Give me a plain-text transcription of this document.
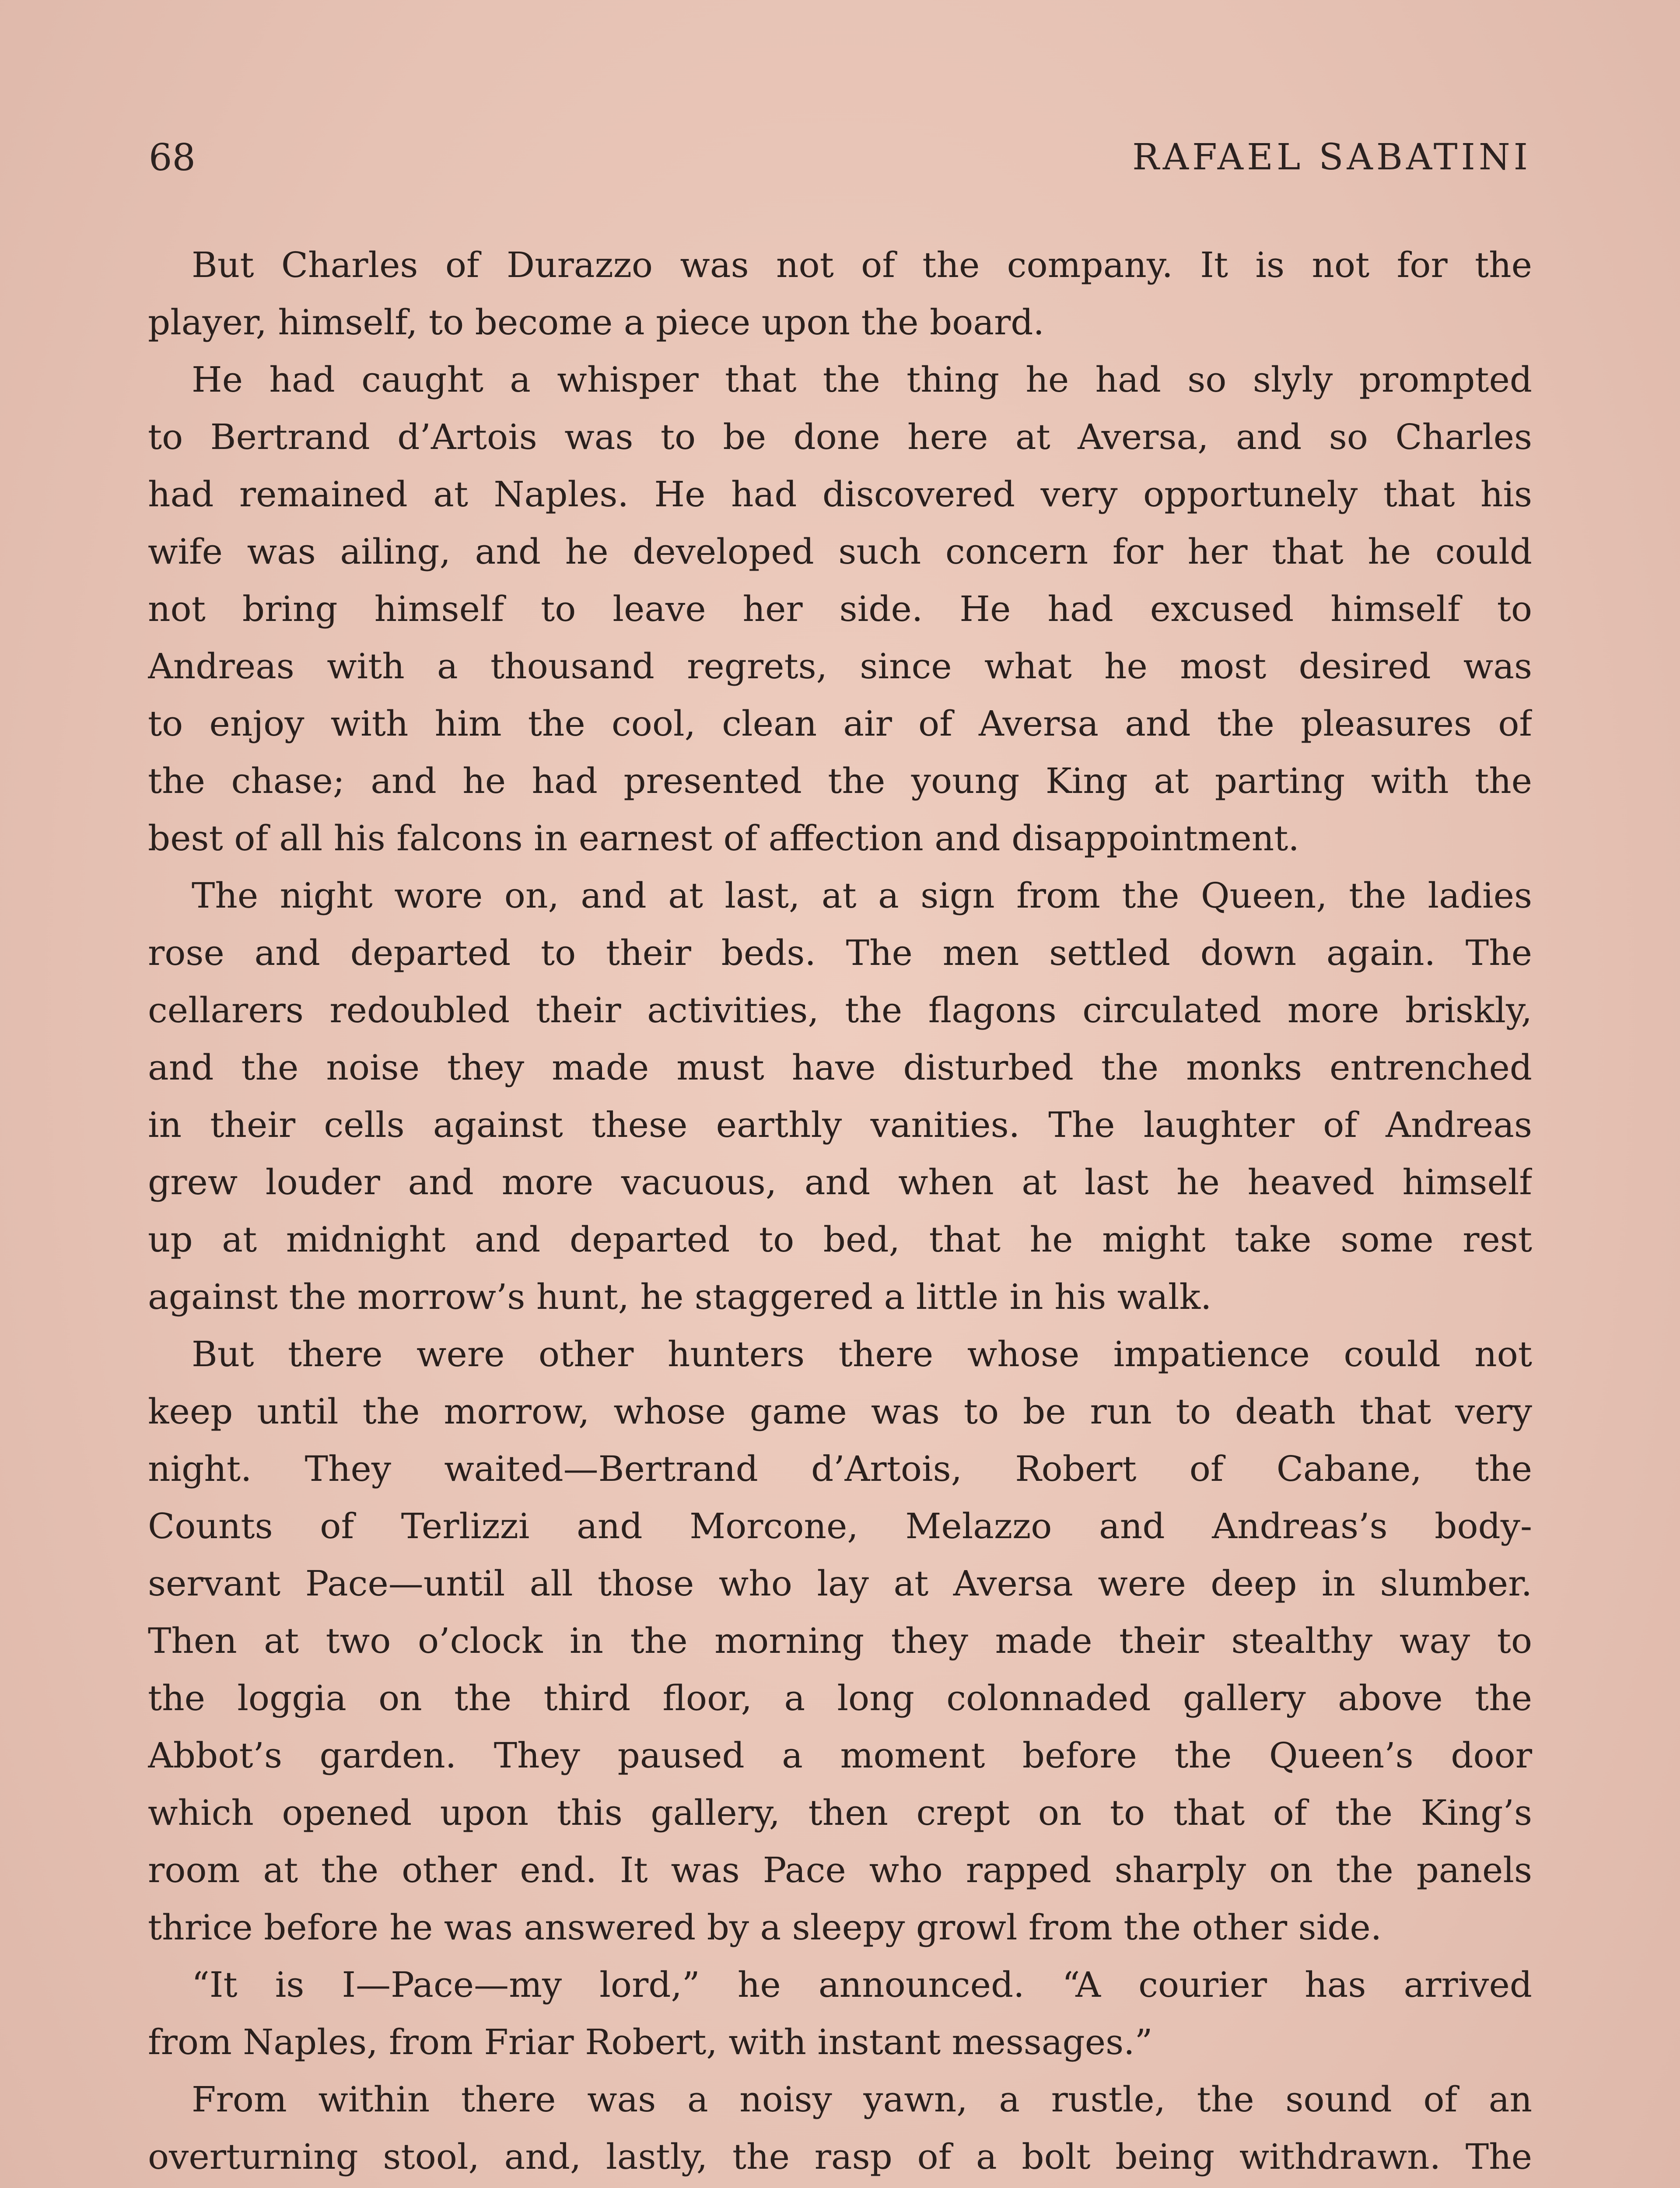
68	RAFAEL SABATINI
But Charles of Durazzo was not of the company. It is not for the
player, himself, to become a piece upon the board.
He had caught a whisper that the thing he had so slyly prompted
to Bertrand d’Artois was to be done here at Aversa, and so Charles
had remained at Naples. He had discovered very opportunely that his
wife was ailing, and he developed such concern for her that he could
not bring himself to leave her side. He had excused himself to
Andreas with a thousand regrets, since what he most desired was
to enjoy with him the cool, clean air of Aversa and the pleasures of
the chase; and he had presented the young King at parting with the
best of all his falcons in earnest of affection and disappointment.
The night wore on, and at last, at a sign from the Queen, the ladies
rose and departed to their beds. The men settled down again. The
cellarers redoubled their activities, the flagons circulated more briskly,
and the noise they made must have disturbed the monks entrenched
in their cells against these earthly vanities. The laughter of Andreas
grew louder and more vacuous, and when at last he heaved himself
up at midnight and departed to bed, that he might take some rest
against the morrow’s hunt, he staggered a little in his walk.
But there were other hunters there whose impatience could not
keep until the morrow, whose game was to be run to death that very
night. They waited—Bertrand d’Artois, Robert of Cabane, the
Counts of Terlizzi and Morcone, Melazzo and Andreas’s body-
servant Pace—until all those who lay at Aversa were deep in slumber.
Then at two o’clock in the morning they made their stealthy way to
the loggia on the third floor, a long colonnaded gallery above the
Abbot’s garden. They paused a moment before the Queen’s door
which opened upon this gallery, then crept on to that of the King’s
room at the other end. It was Pace who rapped sharply on the panels
thrice before he was answered by a sleepy growl from the other side.
“It is I—Pace—my lord,” he announced. “A courier has arrived
from Naples, from Friar Robert, with instant messages.”
From within there was a noisy yawn, a rustle, the sound of an
overturning stool, and, lastly, the rasp of a bolt being withdrawn. The
